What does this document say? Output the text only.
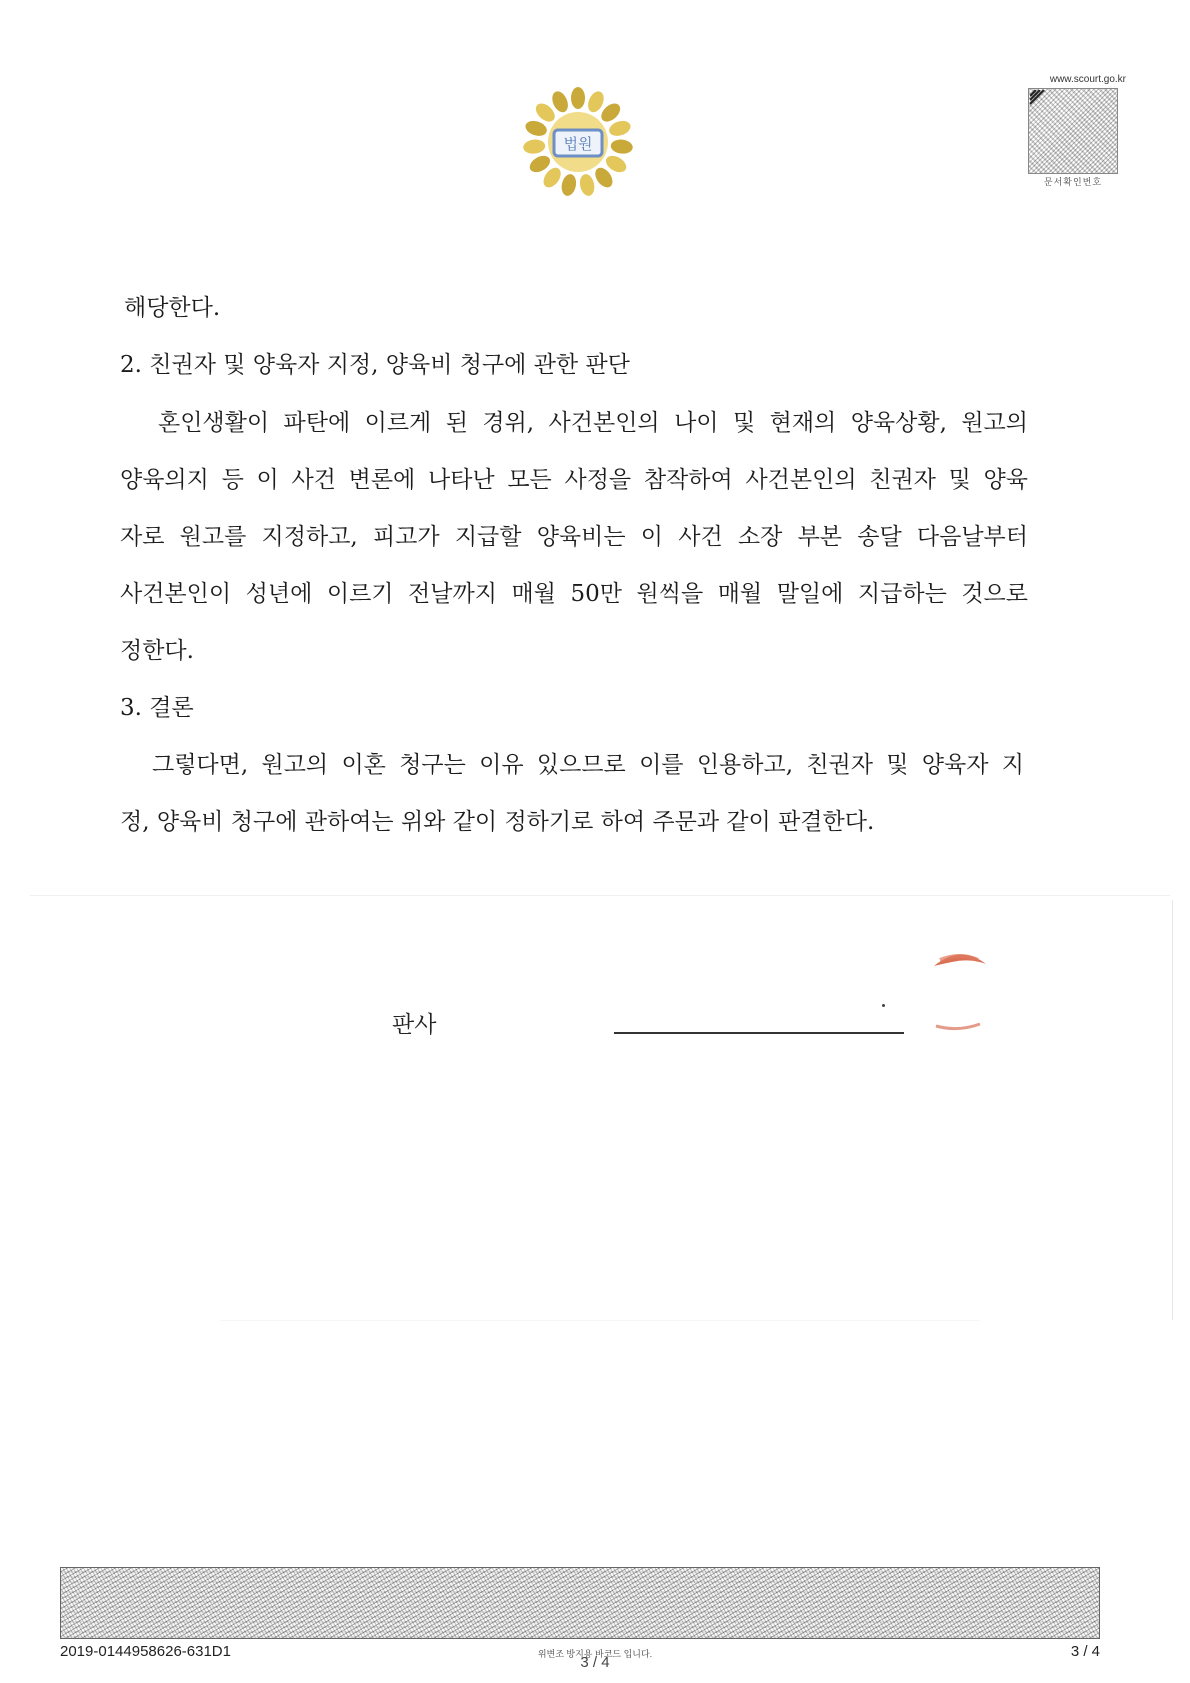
법원
www.scourt.go.kr
문서확인번호
해당한다.
2. 친권자 및 양육자 지정, 양육비 청구에 관한 판단
혼인생활이 파탄에 이르게 된 경위, 사건본인의 나이 및 현재의 양육상황, 원고의
양육의지 등 이 사건 변론에 나타난 모든 사정을 참작하여 사건본인의 친권자 및 양육
자로 원고를 지정하고, 피고가 지급할 양육비는 이 사건 소장 부본 송달 다음날부터
사건본인이 성년에 이르기 전날까지 매월 50만 원씩을 매월 말일에 지급하는 것으로
정한다.
3. 결론
그렇다면, 원고의 이혼 청구는 이유 있으므로 이를 인용하고, 친권자 및 양육자 지
정, 양육비 청구에 관하여는 위와 같이 정하기로 하여 주문과 같이 판결한다.
판사
2019-0144958626-631D1	위변조 방지용 바코드 입니다.
3 / 4
3 / 4
